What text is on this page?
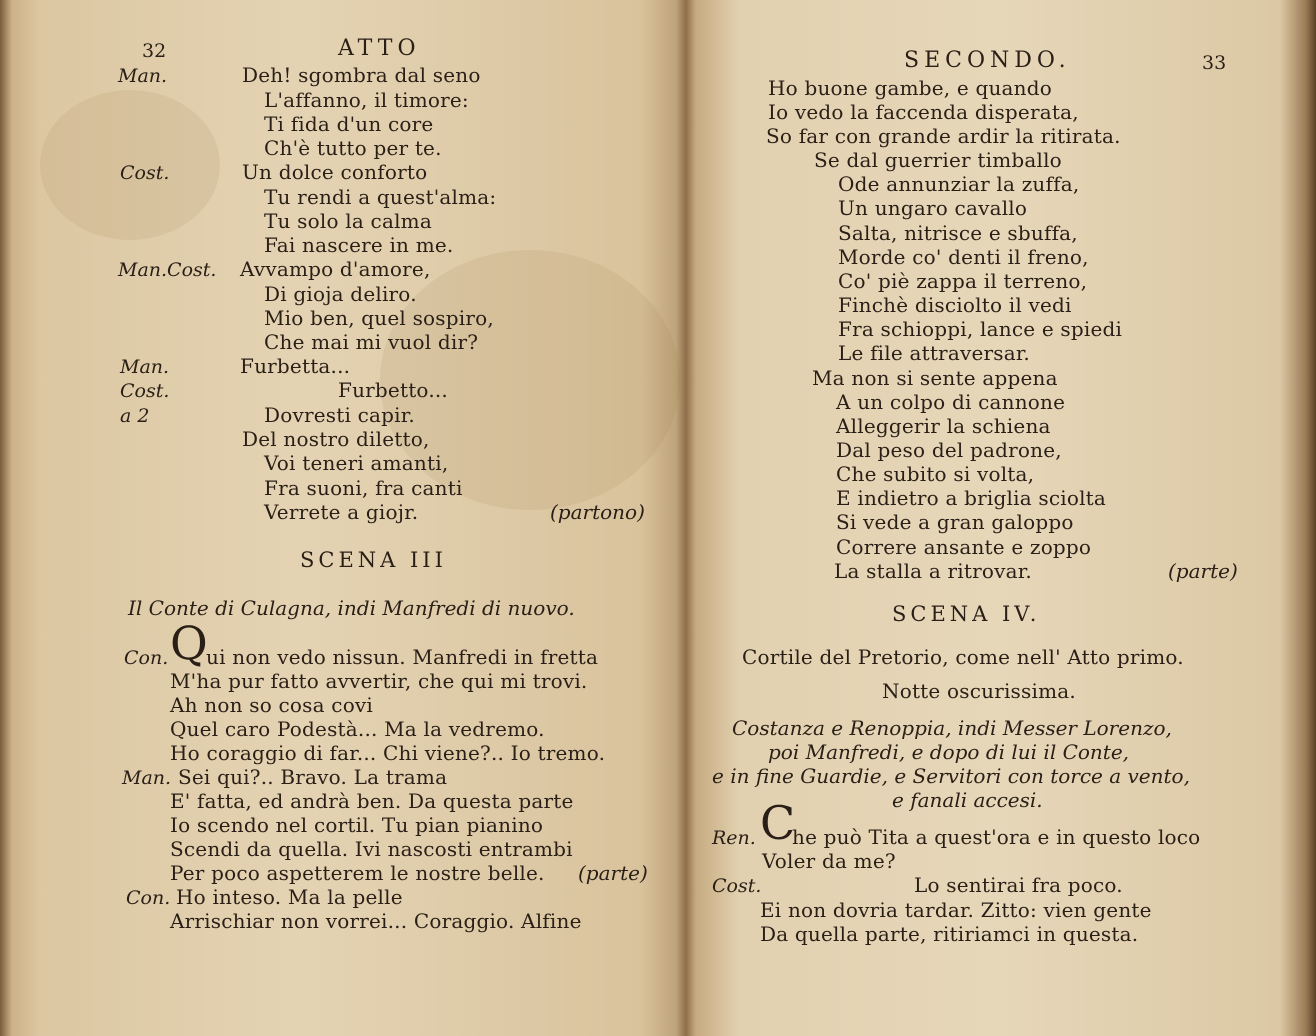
32	ATTO
Man.	Deh! sgombra dal seno
L'affanno, il timore:
Ti fida d'un core
Ch'è tutto per te.
Cost.	Un dolce conforto
Tu rendi a quest'alma:
Tu solo la calma
Fai nascere in me.
Man.Cost. Avvampo d'amore,
Di gioja deliro.
Mio ben, quel sospiro,
Che mai mi vuol dir?
Man.	Furbetta...
Cost.	Furbetto...
a 2	Dovresti capir.
Del nostro diletto,
Voi teneri amanti,
Fra suoni, fra canti
Verrete a giojr.	(partono)
SCENA III
Il Conte di Culagna, indi Manfredi di nuovo.
Con. Q
ui non vedo nissun. Manfredi in fretta
M'ha pur fatto avvertir, che qui mi trovi.
Ah non so cosa covi
Quel caro Podestà... Ma la vedremo.
Ho coraggio di far... Chi viene?.. Io tremo.
Man. Sei qui?.. Bravo. La trama
E' fatta, ed andrà ben. Da questa parte
Io scendo nel cortil. Tu pian pianino
Scendi da quella. Ivi nascosti entrambi
Per poco aspetterem le nostre belle. (parte)
Con. Ho inteso. Ma la pelle
Arrischiar non vorrei... Coraggio. Alfine
SECONDO.	33
Ho buone gambe, e quando
Io vedo la faccenda disperata,
So far con grande ardir la ritirata.
Se dal guerrier timballo
Ode annunziar la zuffa,
Un ungaro cavallo
Salta, nitrisce e sbuffa,
Morde co' denti il freno,
Co' piè zappa il terreno,
Finchè disciolto il vedi
Fra schioppi, lance e spiedi
Le file attraversar.
Ma non si sente appena
A un colpo di cannone
Alleggerir la schiena
Dal peso del padrone,
Che subito si volta,
E indietro a briglia sciolta
Si vede a gran galoppo
Correre ansante e zoppo
La stalla a ritrovar.	(parte)
SCENA IV.
Cortile del Pretorio, come nell' Atto primo.
Notte oscurissima.
Costanza e Renoppia, indi Messer Lorenzo,
poi Manfredi, e dopo di lui il Conte,
e in fine Guardie, e Servitori con torce a vento,
e fanali accesi.
Ren. C
he può Tita a quest'ora e in questo loco
Voler da me?
Cost.	Lo sentirai fra poco.
Ei non dovria tardar. Zitto: vien gente
Da quella parte, ritiriamci in questa.
